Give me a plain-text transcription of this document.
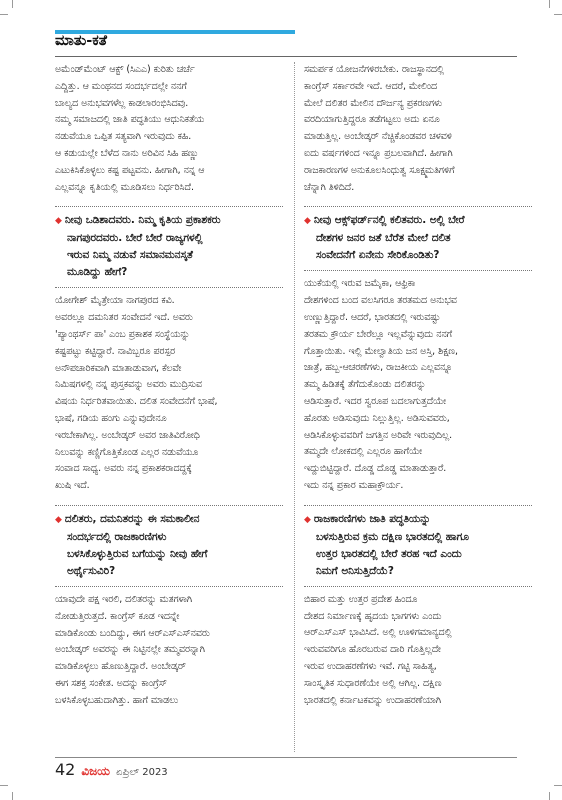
ಮಾತು-ಕತೆ

ಅಮೆಂಡ್‌ಮೆಂಟ್ ಆಕ್ಟ್ (ಸಿಎಎ) ಕುರಿತು ಚರ್ಚೆ
ಎದ್ದಿತ್ತು. ಆ ಮಂಥನದ ಸಂದರ್ಭದಲ್ಲೇ ನನಗೆ
ಬಾಲ್ಯದ ಅನುಭವಗಳೆಲ್ಲ ಕಾಡಲಾರಂಭಿಸಿದವು.
ನಮ್ಮ ಸಮಾಜದಲ್ಲಿ ಜಾತಿ ಪದ್ಧತಿಯು ಆಧುನಿಕತೆಯ
ನಡುವೆಯೂ ಒಪ್ಪಿತ ಸತ್ಯವಾಗಿ ಇರುವುದು ಕಹಿ.
ಆ ಕಡುಯಲ್ಲೇ ಬೆಳೆದ ನಾನು ಅರಿವಿನ ಸಿಹಿ ಹಣ್ಣು
ಎಟುಕಿಸಿಕೊಳ್ಳಲು ಕಷ್ಟ ಪಟ್ಟವನು. ಹೀಗಾಗಿ, ನನ್ನ ಆ
ಎಲ್ಲವನ್ನೂ ಕೃತಿಯಲ್ಲಿ ಮೂಡಿಸಲು ನಿರ್ಧರಿಸಿದೆ.

◆ ನೀವು ಒಡಿಶಾದವರು. ನಿಮ್ಮ ಕೃತಿಯ ಪ್ರಕಾಶಕರು
ನಾಗಪುರದವರು. ಬೇರೆ ಬೇರೆ ರಾಜ್ಯಗಳಲ್ಲಿ
ಇರುವ ನಿಮ್ಮ ನಡುವೆ ಸಮಾನಮನಸ್ಕತೆ
ಮೂಡಿದ್ದು ಹೇಗೆ?

ಯೋಗೇಶ್ ಮೈತ್ರೇಯಾ ನಾಗಪುರದ ಕವಿ.
ಅವರಲ್ಲೂ ದಮನಿತರ ಸಂವೇದನೆ ಇದೆ. ಅವರು
'ಪ್ಯಾಂಥರ್ಸ್ ಪಾ' ಎಂಬ ಪ್ರಕಾಶಕ ಸಂಸ್ಥೆಯನ್ನು
ಕಷ್ಟಪಟ್ಟು ಕಟ್ಟಿದ್ದಾರೆ. ನಾವಿಬ್ಬರೂ ಪರಸ್ಪರ
ಅನೌಪಚಾರಿಕವಾಗಿ ಮಾತಾಡುವಾಗ, ಕೆಲವೇ
ನಿಮಿಷಗಳಲ್ಲಿ ನನ್ನ ಪುಸ್ತಕವನ್ನು ಅವರು ಮುದ್ರಿಸುವ
ವಿಷಯ ನಿರ್ಧರಿತವಾಯಿತು. ದಲಿತ ಸಂವೇದನೆಗೆ ಭಾಷೆ,
ಭಾಷೆ, ಗಡಿಯ ಹಂಗು ಎನ್ನುವುದೇನೂ
ಇರಬೇಕಾಗಿಲ್ಲ. ಅಂಬೇಡ್ಕರ್ ಅವರ ಜಾತಿವಿರೋಧಿ
ನಿಲುವನ್ನು ಕಣ್ಣಿಗೊತ್ತಿಕೊಂಡ ಎಲ್ಲರ ನಡುವೆಯೂ
ಸಂವಾದ ಸಾಧ್ಯ. ಅವರು ನನ್ನ ಪ್ರಕಾಶಕರಾದದ್ದಕ್ಕೆ
ಖುಷಿ ಇದೆ.

◆ ದಲಿತರು, ದಮನಿತರನ್ನು ಈ ಸಮಕಾಲೀನ
ಸಂದರ್ಭದಲ್ಲಿ ರಾಜಕಾರಣಿಗಳು
ಬಳಸಿಕೊಳ್ಳುತ್ತಿರುವ ಬಗೆಯನ್ನು ನೀವು ಹೇಗೆ
ಅರ್ಥೈಸುವಿರಿ?

ಯಾವುದೇ ಪಕ್ಷ ಇರಲಿ, ದಲಿತರನ್ನು ಮತಗಳಾಗಿ
ನೋಡುತ್ತಿರುತ್ತದೆ. ಕಾಂಗ್ರೆಸ್ ಕೂಡ ಇದನ್ನೇ
ಮಾಡಿಕೊಂಡು ಬಂದಿದ್ದು, ಈಗ ಆರ್‌ಎಸ್‌ಎಸ್‌ನವರು
ಅಂಬೇಡ್ಕರ್ ಅವರನ್ನು ಈ ನಿಟ್ಟಿನಲ್ಲೇ ತಮ್ಮವರನ್ನಾಗಿ
ಮಾಡಿಕೊಳ್ಳಲು ಹೊಣುತ್ತಿದ್ದಾರೆ. ಅಂಬೇಡ್ಕರ್
ಈಗ ಸಶಕ್ತ ಸಂಕೇತ. ಅದನ್ನು ಕಾಂಗ್ರೆಸ್
ಬಳಸಿಕೊಳ್ಳಬಹುದಾಗಿತ್ತು. ಹಾಗೆ ಮಾಡಲು

ಸಮರ್ಪಕ ಯೋಜನೆಗಳಿರಬೇಕು. ರಾಜಸ್ಥಾನದಲ್ಲಿ
ಕಾಂಗ್ರೆಸ್ ಸರ್ಕಾರವೇ ಇದೆ. ಆದರೆ, ಮೇಲಿಂದ
ಮೇಲೆ ದಲಿತರ ಮೇಲಿನ ದೌರ್ಜನ್ಯ ಪ್ರಕರಣಗಳು
ವರದಿಯಾಗುತ್ತಿದ್ದರೂ ತಡೆಗಟ್ಟಲು ಅದು ಏನೂ
ಮಾಡುತ್ತಿಲ್ಲ. ಅಂಬೇಡ್ಕರ್ ನೆಚ್ಚಿಕೊಂಡವರ ಚಳವಳಿ
ಐದು ವರ್ಷಗಳಿಂದ ಇನ್ನೂ ಪ್ರಬಲವಾಗಿದೆ. ಹೀಗಾಗಿ
ರಾಜಕಾರಣಗಳ ಅನುಕೂಲಸಿಂಧುತ್ವ ಸೂಕ್ಷ್ಮಮತಿಗಳಿಗೆ
ಚೆನ್ನಾಗಿ ತಿಳಿದಿದೆ.

◆ ನೀವು ಆಕ್ಸ್‌ಫರ್ಡ್‌ನಲ್ಲಿ ಕಲಿತವರು. ಅಲ್ಲಿ ಬೇರೆ
ದೇಶಗಳ ಜನರ ಜತೆ ಬೆರೆತ ಮೇಲೆ ದಲಿತ
ಸಂವೇದನೆಗೆ ಏನೇನು ಸೇರಿಕೊಂಡಿತು?

ಯುಕೆಯಲ್ಲಿ ಇರುವ ಜಮೈಕಾ, ಆಫ್ರಿಕಾ
ದೇಶಗಳಿಂದ ಬಂದ ವಲಸಿಗರೂ ತರತಮದ ಅನುಭವ
ಉಣ್ಣುತ್ತಿದ್ದಾರೆ. ಆದರೆ, ಭಾರತದಲ್ಲಿ ಇರುವಷ್ಟು
ತರತಮ ಕ್ರೌರ್ಯ ಬೇರೆಲ್ಲೂ ಇಲ್ಲವೆನ್ನುವುದು ನನಗೆ
ಗೊತ್ತಾಯಿತು. ಇಲ್ಲಿ ಮೇಲ್ವಾತಿಯ ಜನ ಅಸ್ತಿ, ಶಿಕ್ಷಣ,
ಜಾತ್ರೆ, ಹಬ್ಬ-ಆಚರಣೆಗಳು, ರಾಜಕೀಯ ಎಲ್ಲವನ್ನೂ
ತಮ್ಮ ಹಿಡಿತಕ್ಕೆ ತೆಗೆದುಕೊಂಡು ದಲಿತರನ್ನು
ಆಡಿಸುತ್ತಾರೆ. ಇದರ ಸ್ವರೂಪ ಬದಲಾಗುತ್ತದೆಯೇ
ಹೊರತು ಅಡಿಸುವುದು ನಿಲ್ಲುತ್ತಿಲ್ಲ. ಅಡಿಸುವವರು,
ಆಡಿಸಿಕೊಳ್ಳುವವರಿಗೆ ಜಗತ್ತಿನ ಅರಿವೇ ಇರುವುದಿಲ್ಲ.
ತಮ್ಮದೇ ಲೋಕದಲ್ಲಿ ಎಲ್ಲರೂ ಹಾಗೆಯೇ
ಇದ್ದುಬಿಟ್ಟಿದ್ದಾರೆ. ದೊಡ್ಡ ದೊಡ್ಡ ಮಾತಾಡುತ್ತಾರೆ.
ಇದು ನನ್ನ ಪ್ರಕಾರ ಮಹಾಕ್ರೌರ್ಯ.

◆ ರಾಜಕಾರಣಿಗಳು ಜಾತಿ ಪದ್ಧತಿಯನ್ನು
ಬಳಸುತ್ತಿರುವ ಕ್ರಮ ದಕ್ಷಿಣ ಭಾರತದಲ್ಲಿ ಹಾಗೂ
ಉತ್ತರ ಭಾರತದಲ್ಲಿ ಬೇರೆ ತರಹ ಇದೆ ಎಂದು
ನಿಮಗೆ ಅನಿಸುತ್ತಿದೆಯೆ?

ಬಿಹಾರ ಮತ್ತು ಉತ್ತರ ಪ್ರದೇಶ ಹಿಂದೂ
ದೇಶದ ನಿರ್ಮಾಣಕ್ಕೆ ಹೃದಯ ಭಾಗಗಳು ಎಂದು
ಆರ್‌ಎಸ್‌ಎಸ್ ಭಾವಿಸಿದೆ. ಅಲ್ಲಿ ಊಳಿಗಮಾನ್ಯದಲ್ಲಿ
ಇರುವವರಿಗೂ ಹೊರಬರುವ ದಾರಿ ಗೊತ್ತಿಲ್ಲದೇ
ಇರುವ ಉದಾಹರಣೆಗಳು ಇವೆ. ಗಟ್ಟಿ ಸಾಹಿತ್ಯ,
ಸಾಂಸ್ಕೃತಿಕ ಸುಧಾರಣೆಯೇ ಅಲ್ಲಿ ಆಗಿಲ್ಲ. ದಕ್ಷಿಣ
ಭಾರತದಲ್ಲಿ ಕರ್ನಾಟಕವನ್ನು ಉದಾಹರಣೆಯಾಗಿ

42 ವಿಜಯ ಏಪ್ರಿಲ್ 2023
